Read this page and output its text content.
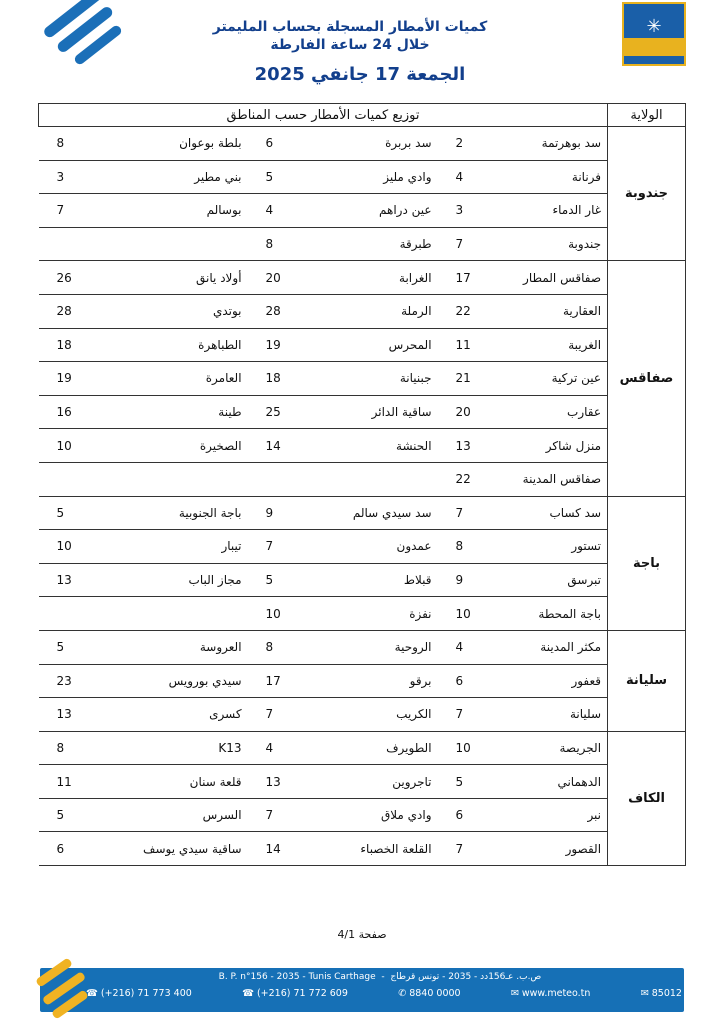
✳
كميات الأمطار المسجلة بحساب المليمتر
خلال 24 ساعة الفارطة
الجمعة 17 جانفي 2025
الولاية	توزيع كميات الأمطار حسب المناطق					
جندوبة	سد بوهرتمة	2	سد بربرة	6	بلطة بوعوان	8
	فرنانة	4	وادي مليز	5	بني مطير	3
	غار الدماء	3	عين دراهم	4	بوسالم	7
	جندوبة	7	طبرقة	8		
صفاقس	صفاقس المطار	17	الغرابة	20	أولاد يانق	26
	العقارية	22	الرملة	28	بوتدي	28
	الغريبة	11	المحرس	19	الطباهرة	18
	عين تركية	21	جبنيانة	18	العامرة	19
	عقارب	20	ساقية الدائر	25	طينة	16
	منزل شاكر	13	الحنشة	14	الصخيرة	10
	صفاقس المدينة	22				
باجة	سد كساب	7	سد سيدي سالم	9	باجة الجنوبية	5
	تستور	8	عمدون	7	تيبار	10
	تبرسق	9	قبلاط	5	مجاز الباب	13
	باجة المحطة	10	نفزة	10		
سليانة	مكثر المدينة	4	الروحية	8	العروسة	5
	قعفور	6	برقو	17	سيدي بورويس	23
	سليانة	7	الكريب	7	كسرى	13
الكاف	الجريصة	10	الطويرف	4	K13	8
	الدهماني	5	تاجروين	13	قلعة سنان	11
	نبر	6	وادي ملاق	7	السرس	5
	القصور	7	القلعة الخصباء	14	ساقية سيدي يوسف	6
صفحة 4/1
B. P. n°156 - 2035 - Tunis Carthage  -  ص.ب. عـ156دد - 2035 - تونس قرطاج
☎ (+216) 71 773 400	☎ (+216) 71 772 609	✆ 8840 0000	✉ www.meteo.tn	✉ 85012
